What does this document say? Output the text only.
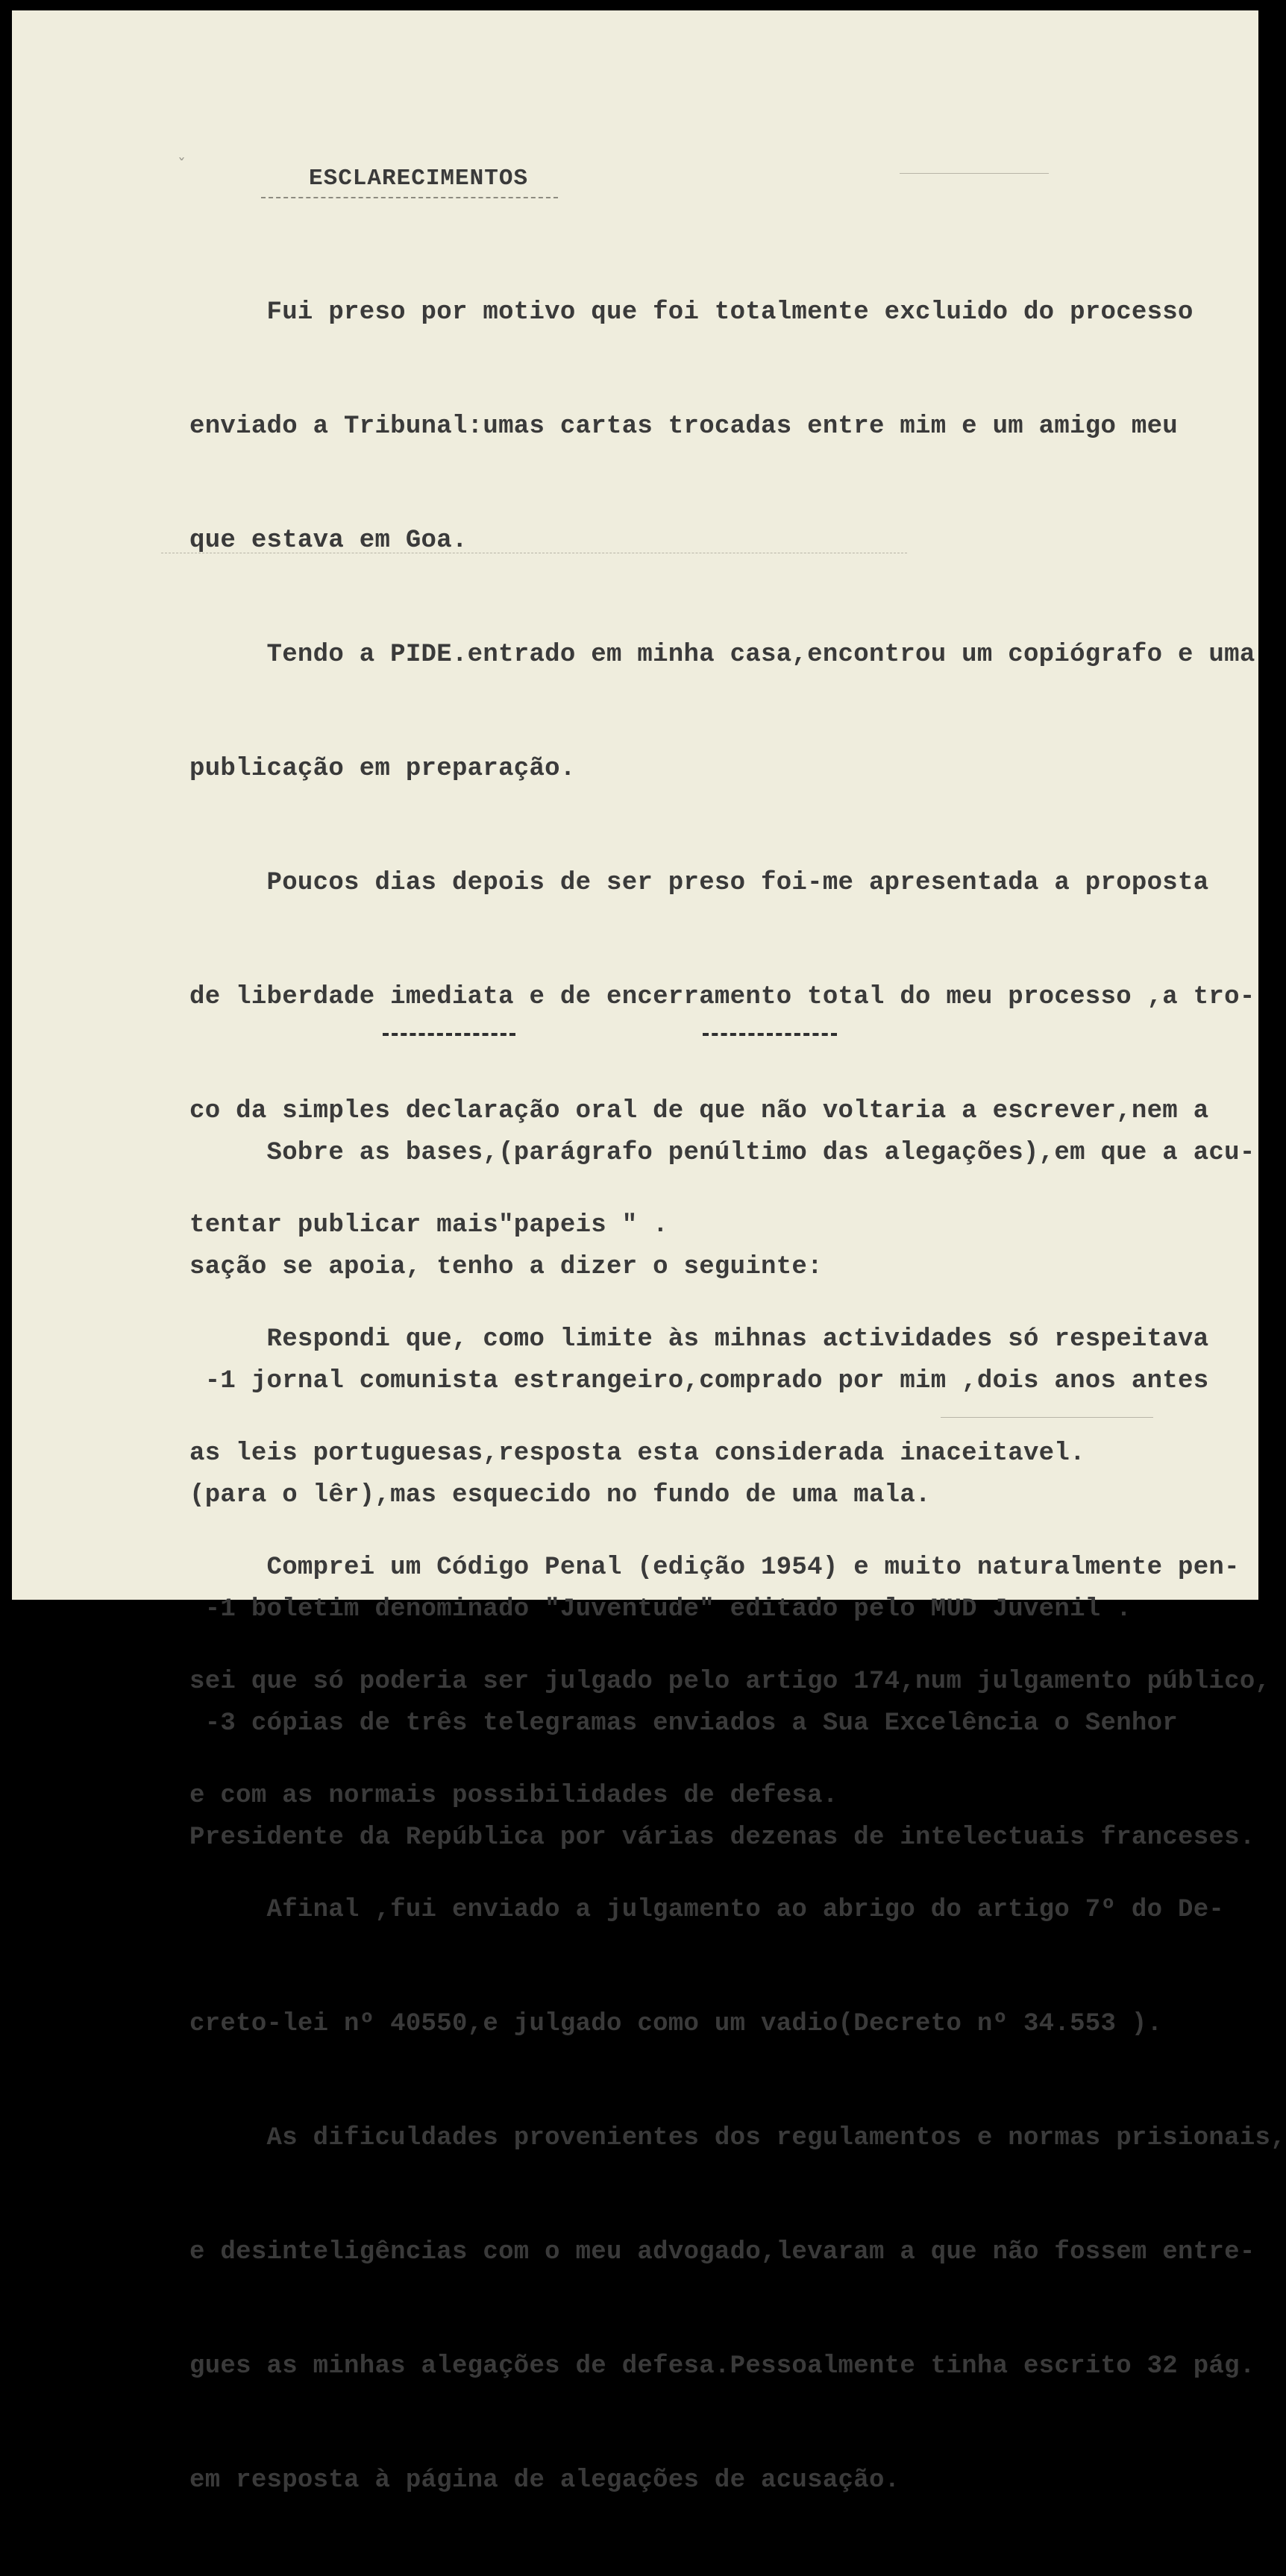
ˇ	ESCLARECIMENTOS

Fui preso por motivo que foi totalmente excluido do processo

enviado a Tribunal:umas cartas trocadas entre mim e um amigo meu

que estava em Goa.

Tendo a PIDE.entrado em minha casa,encontrou um copiógrafo e uma

publicação em preparação.

Poucos dias depois de ser preso foi-me apresentada a proposta

de liberdade imediata e de encerramento total do meu processo ,a tro-

co da simples declaração oral de que não voltaria a escrever,nem a

tentar publicar mais"papeis " .

Respondi que, como limite às mihnas actividades só respeitava

as leis portuguesas,resposta esta considerada inaceitavel.

Comprei um Código Penal (edição 1954) e muito naturalmente pen-

sei que só poderia ser julgado pelo artigo 174,num julgamento público,

e com as normais possibilidades de defesa.

Afinal ,fui enviado a julgamento ao abrigo do artigo 7º do De-

creto-lei nº 40550,e julgado como um vadio(Decreto nº 34.553 ).

As dificuldades provenientes dos regulamentos e normas prisionais,

e desinteligências com o meu advogado,levaram a que não fossem entre-

gues as minhas alegações de defesa.Pessoalmente tinha escrito 32 pág.

em resposta à página de alegações de acusação.

Sobre as bases,(parágrafo penúltimo das alegações),em que a acu-

sação se apoia, tenho a dizer o seguinte:

-1 jornal comunista estrangeiro,comprado por mim ,dois anos antes

(para o lêr),mas esquecido no fundo de uma mala.

-1 boletim denominado "Juventude" editado pelo MUD Juvenil .

-3 cópias de três telegramas enviados a Sua Excelência o Senhor

Presidente da República por várias dezenas de intelectuais franceses.
